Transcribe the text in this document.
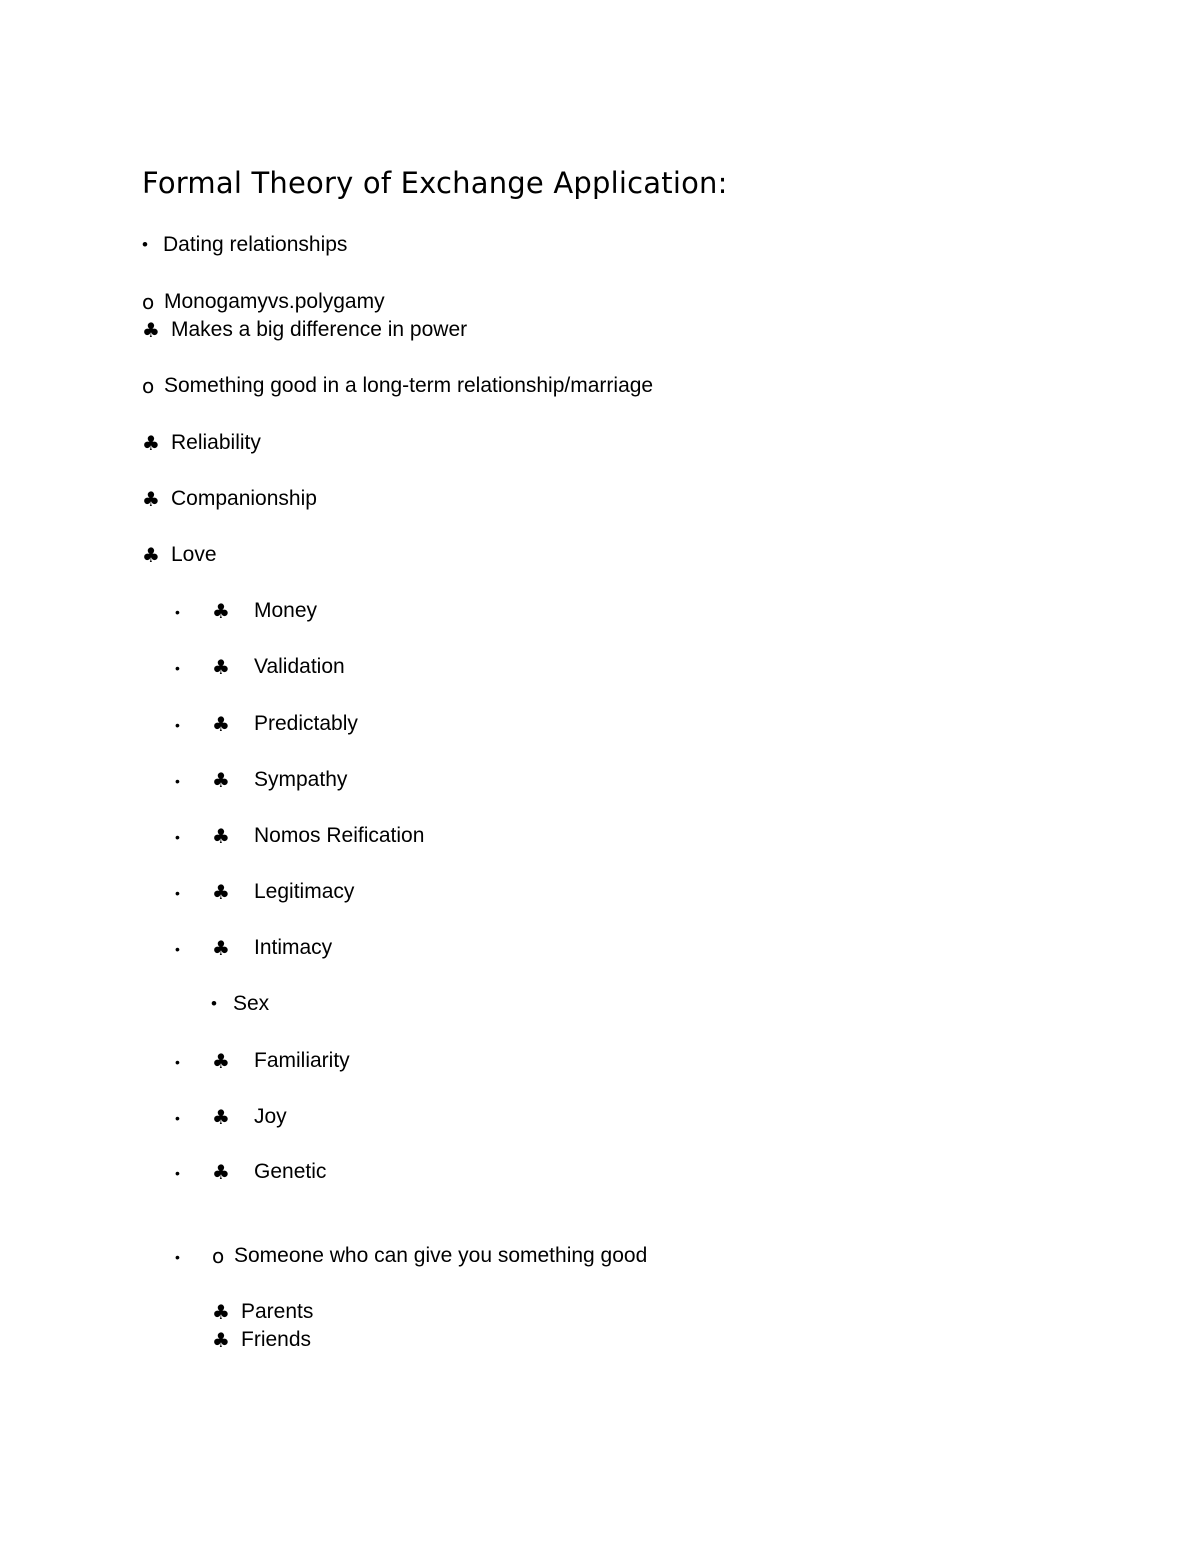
Formal Theory of Exchange Application:
• Dating relationships
o Monogamyvs.polygamy
♣ Makes a big difference in power
o Something good in a long-term relationship/marriage
♣ Reliability
♣ Companionship
♣ Love
• ♣ Money
• ♣ Validation
• ♣ Predictably
• ♣ Sympathy
• ♣ Nomos Reification
• ♣ Legitimacy
• ♣ Intimacy
• Sex
• ♣ Familiarity
• ♣ Joy
• ♣ Genetic
• o Someone who can give you something good
♣ Parents
♣ Friends
